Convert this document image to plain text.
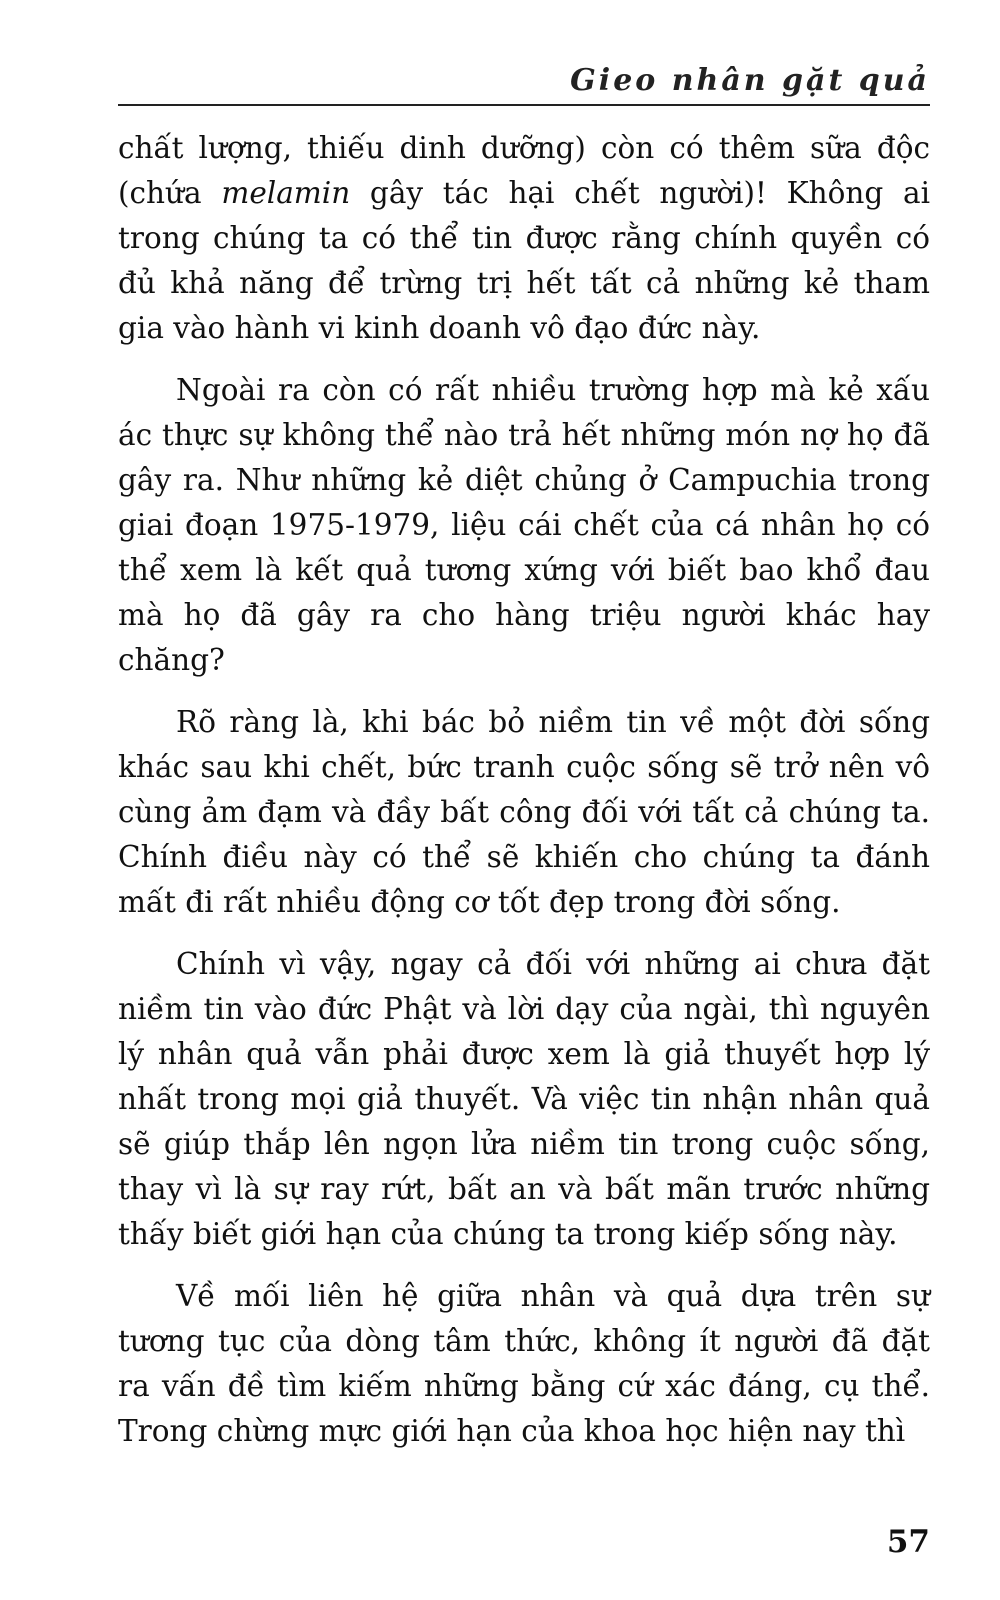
Gieo nhân gặt quả

chất lượng, thiếu dinh dưỡng) còn có thêm sữa độc (chứa melamin gây tác hại chết người)! Không ai trong chúng ta có thể tin được rằng chính quyền có đủ khả năng để trừng trị hết tất cả những kẻ tham gia vào hành vi kinh doanh vô đạo đức này.

Ngoài ra còn có rất nhiều trường hợp mà kẻ xấu ác thực sự không thể nào trả hết những món nợ họ đã gây ra. Như những kẻ diệt chủng ở Campuchia trong giai đoạn 1975-1979, liệu cái chết của cá nhân họ có thể xem là kết quả tương xứng với biết bao khổ đau mà họ đã gây ra cho hàng triệu người khác hay chăng?

Rõ ràng là, khi bác bỏ niềm tin về một đời sống khác sau khi chết, bức tranh cuộc sống sẽ trở nên vô cùng ảm đạm và đầy bất công đối với tất cả chúng ta. Chính điều này có thể sẽ khiến cho chúng ta đánh mất đi rất nhiều động cơ tốt đẹp trong đời sống.

Chính vì vậy, ngay cả đối với những ai chưa đặt niềm tin vào đức Phật và lời dạy của ngài, thì nguyên lý nhân quả vẫn phải được xem là giả thuyết hợp lý nhất trong mọi giả thuyết. Và việc tin nhận nhân quả sẽ giúp thắp lên ngọn lửa niềm tin trong cuộc sống, thay vì là sự ray rứt, bất an và bất mãn trước những thấy biết giới hạn của chúng ta trong kiếp sống này.

Về mối liên hệ giữa nhân và quả dựa trên sự tương tục của dòng tâm thức, không ít người đã đặt ra vấn đề tìm kiếm những bằng cứ xác đáng, cụ thể. Trong chừng mực giới hạn của khoa học hiện nay thì

57
